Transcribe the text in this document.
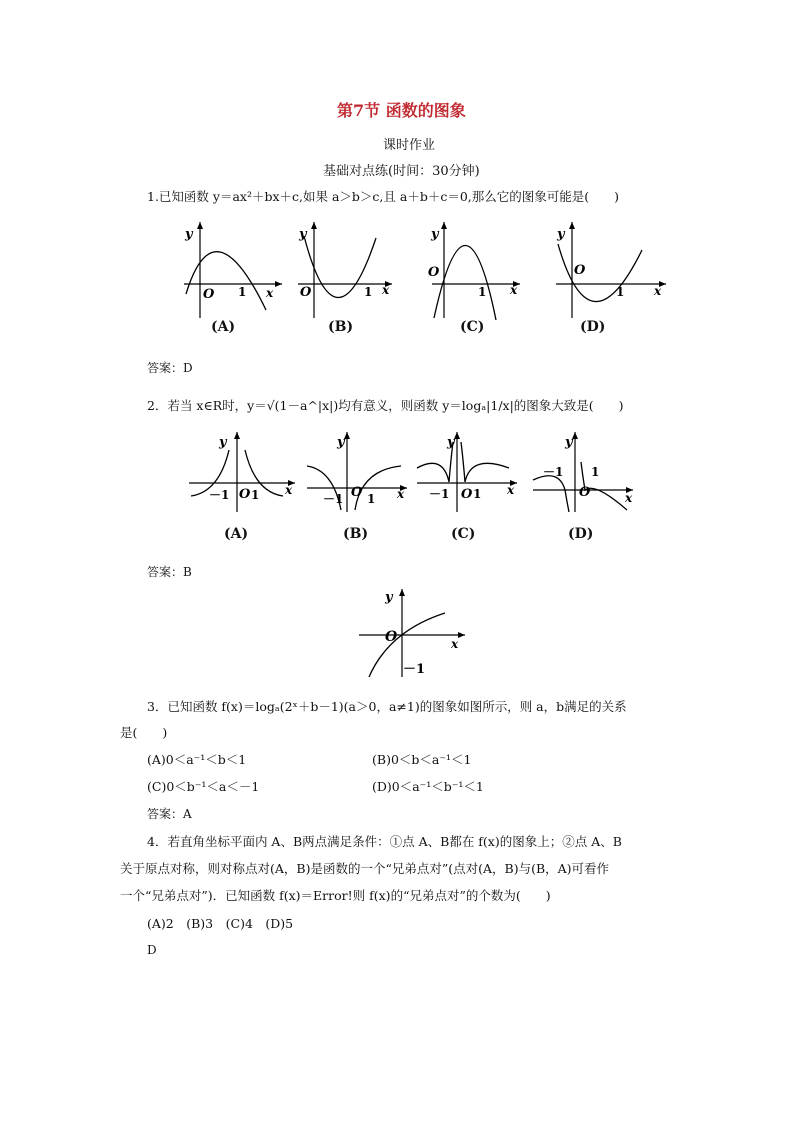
第7节 函数的图象
课时作业
基础对点练(时间：30分钟)
1.已知函数 y＝ax²＋bx＋c,如果 a＞b＞c,且 a＋b＋c＝0,那么它的图象可能是(　　)
y
x
O 1
y
x
O	1
y
x
O
1
y
x
O
1
(A)	(B)	(C)	(D)
答案：D
2．若当 x∈R时，y＝√(1－a^|x|)均有意义，则函数 y＝logₐ|1/x|的图象大致是(　　)
y
x
O
－1 1
y
x
O
－1 1
y
x
O
－1 1
y
x
O
－1 1
(A)	(B)	(C)	(D)
答案：B
y
x
O
－1
3．已知函数 f(x)＝logₐ(2ˣ＋b－1)(a＞0，a≠1)的图象如图所示，则 a，b满足的关系
是(　　)
(A)0＜a⁻¹＜b＜1	(B)0＜b＜a⁻¹＜1
(C)0＜b⁻¹＜a＜－1	(D)0＜a⁻¹＜b⁻¹＜1
答案：A
4．若直角坐标平面内 A、B两点满足条件：①点 A、B都在 f(x)的图象上；②点 A、B
关于原点对称，则对称点对(A，B)是函数的一个“兄弟点对”(点对(A，B)与(B，A)可看作
一个“兄弟点对”)．已知函数 f(x)＝Error!则 f(x)的“兄弟点对”的个数为(　　)
(A)2　(B)3　(C)4　(D)5
D
